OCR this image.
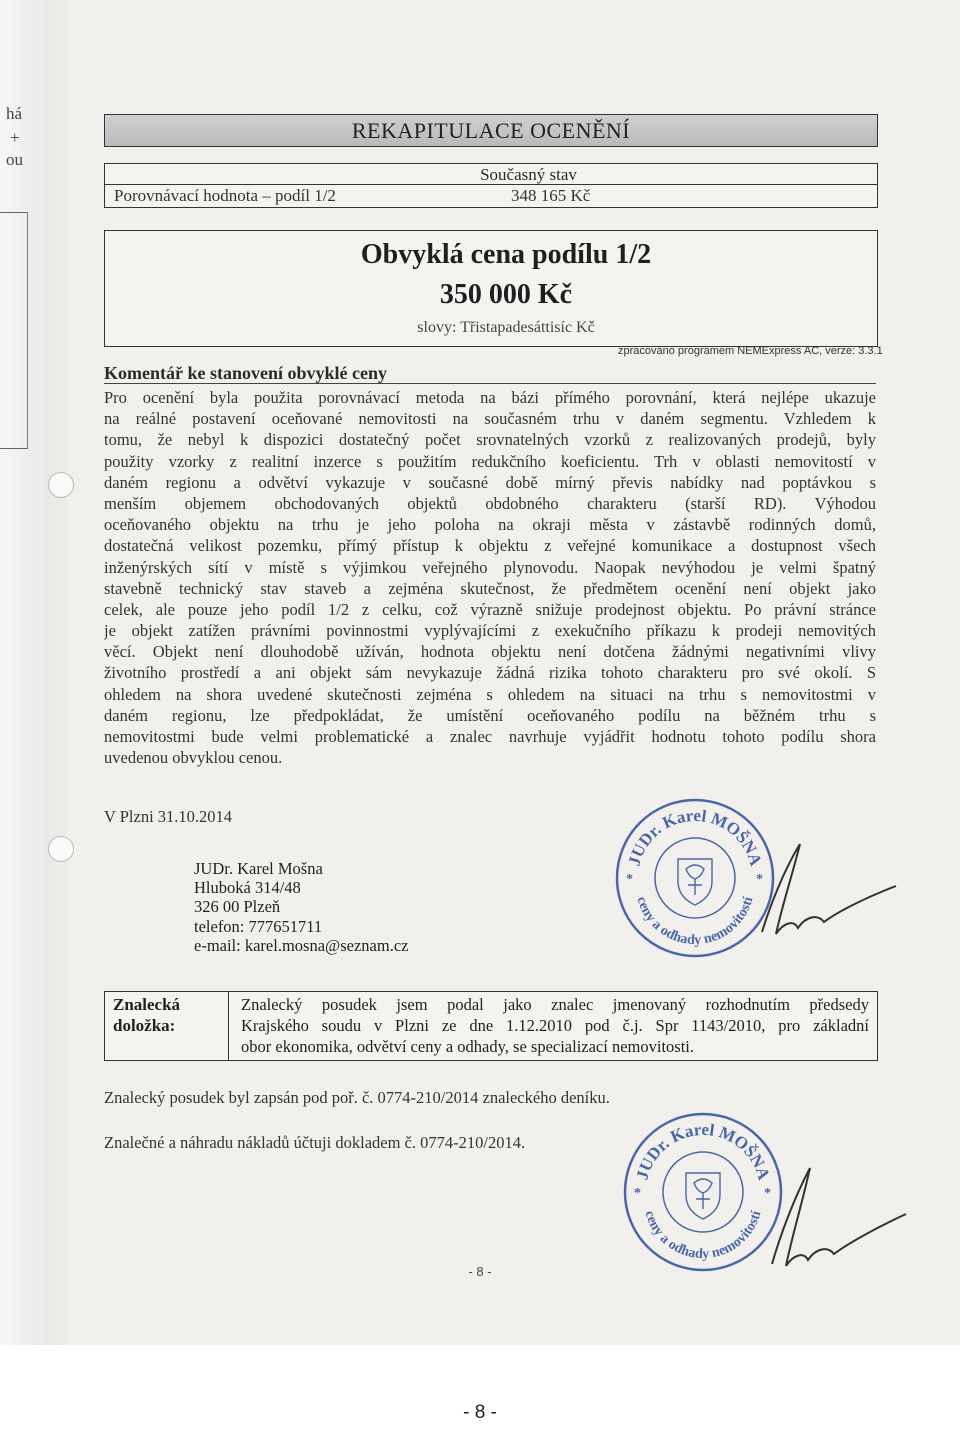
há
+
ou
REKAPITULACE OCENĚNÍ
Současný stav
Porovnávací hodnota – podíl 1/2	348 165 Kč
Obvyklá cena podílu 1/2
350 000 Kč
slovy: Třistapadesáttisíc Kč
zpracováno programem NEMExpress AC, verze: 3.3.1
Komentář ke stanovení obvyklé ceny
Pro ocenění byla použita porovnávací metoda na bázi přímého porovnání, která nejlépe ukazuje
na reálné postavení oceňované nemovitosti na současném trhu v daném segmentu. Vzhledem k
tomu, že nebyl k dispozici dostatečný počet srovnatelných vzorků z realizovaných prodejů, byly
použity vzorky z realitní inzerce s použitím redukčního koeficientu. Trh v oblasti nemovitostí v
daném regionu a odvětví vykazuje v současné době mírný převis nabídky nad poptávkou s
menším objemem obchodovaných objektů obdobného charakteru (starší RD). Výhodou
oceňovaného objektu na trhu je jeho poloha na okraji města v zástavbě rodinných domů,
dostatečná velikost pozemku, přímý přístup k objektu z veřejné komunikace a dostupnost všech
inženýrských sítí v místě s výjimkou veřejného plynovodu. Naopak nevýhodou je velmi špatný
stavebně technický stav staveb a zejména skutečnost, že předmětem ocenění není objekt jako
celek, ale pouze jeho podíl 1/2 z celku, což výrazně snižuje prodejnost objektu. Po právní stránce
je objekt zatížen právními povinnostmi vyplývajícími z exekučního příkazu k prodeji nemovitých
věcí. Objekt není dlouhodobě užíván, hodnota objektu není dotčena žádnými negativními vlivy
životního prostředí a ani objekt sám nevykazuje žádná rizika tohoto charakteru pro své okolí. S
ohledem na shora uvedené skutečnosti zejména s ohledem na situaci na trhu s nemovitostmi v
daném regionu, lze předpokládat, že umístění oceňovaného podílu na běžném trhu s
nemovitostmi bude velmi problematické a znalec navrhuje vyjádřit hodnotu tohoto podílu shora
uvedenou obvyklou cenou.
V Plzni 31.10.2014
JUDr. Karel Mošna
Hluboká 314/48
326 00 Plzeň
telefon: 777651711
e-mail: karel.mosna@seznam.cz
JUDr. Karel MOŠNA
ceny a odhady nemovitostí
*	*
Znalecká
doložka:
Znalecký posudek jsem podal jako znalec jmenovaný rozhodnutím předsedy
Krajského soudu v Plzni ze dne 1.12.2010 pod č.j. Spr 1143/2010, pro základní
obor ekonomika, odvětví ceny a odhady, se specializací nemovitosti.
Znalecký posudek byl zapsán pod poř. č. 0774-210/2014 znaleckého deníku.
Znalečné a náhradu nákladů účtuji dokladem č. 0774-210/2014.
JUDr. Karel MOŠNA
ceny a odhady nemovitostí
*	*
- 8 -
- 8 -
